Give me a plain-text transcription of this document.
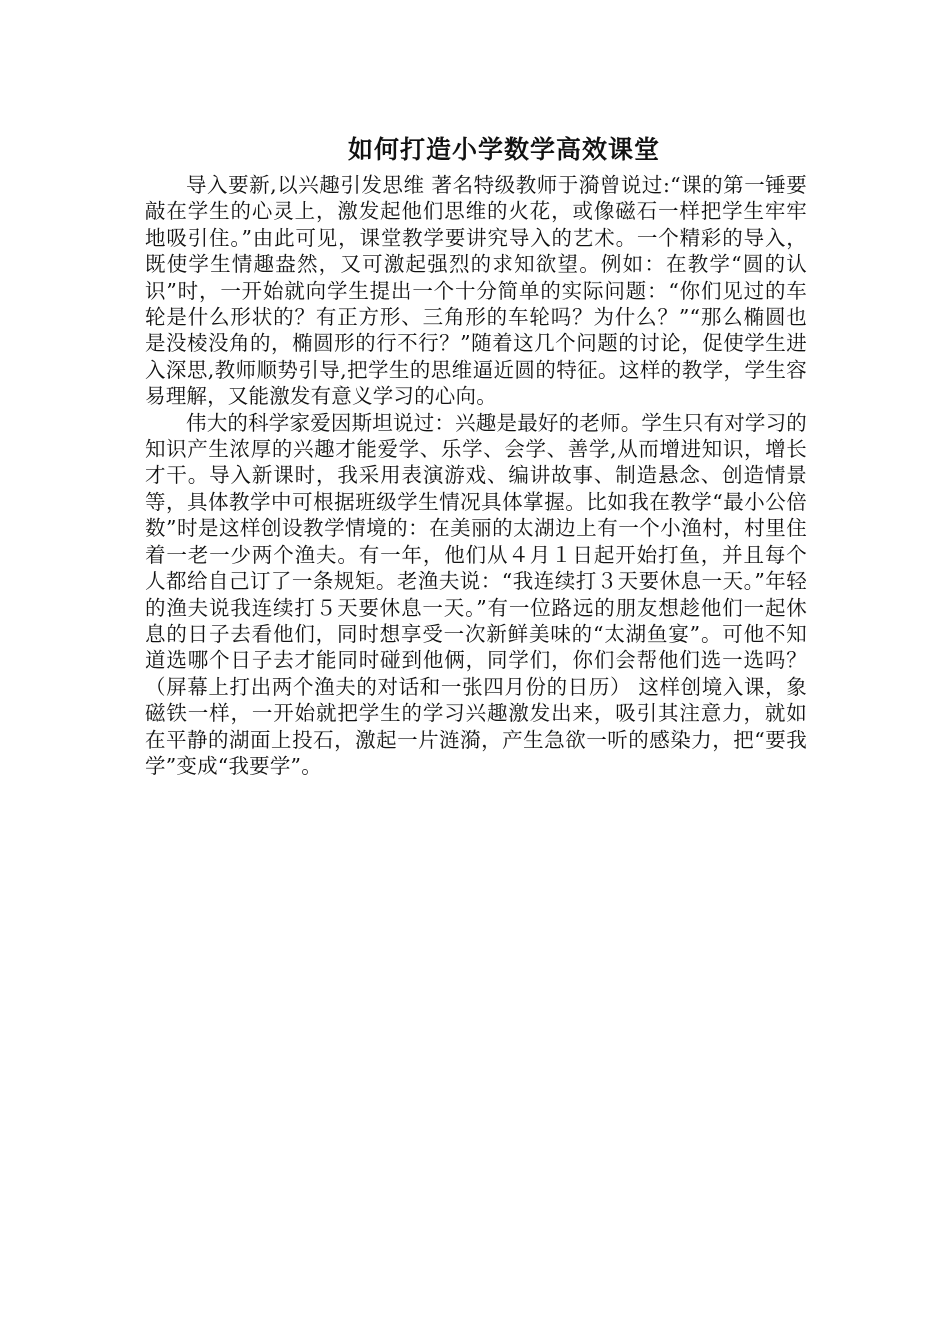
如何打造小学数学高效课堂

导入要新,以兴趣引发思维 著名特级教师于漪曾说过:“课的第一锤要敲在学生的心灵上，激发起他们思维的火花，或像磁石一样把学生牢牢地吸引住。”由此可见，课堂教学要讲究导入的艺术。一个精彩的导入，既使学生情趣盎然，又可激起强烈的求知欲望。例如：在教学“圆的认识”时，一开始就向学生提出一个十分简单的实际问题：“你们见过的车轮是什么形状的？有正方形、三角形的车轮吗？为什么？”“那么椭圆也是没棱没角的，椭圆形的行不行？”随着这几个问题的讨论，促使学生进入深思,教师顺势引导,把学生的思维逼近圆的特征。这样的教学，学生容易理解，又能激发有意义学习的心向。

伟大的科学家爱因斯坦说过：兴趣是最好的老师。学生只有对学习的知识产生浓厚的兴趣才能爱学、乐学、会学、善学,从而增进知识，增长才干。导入新课时，我采用表演游戏、编讲故事、制造悬念、创造情景等，具体教学中可根据班级学生情况具体掌握。比如我在教学“最小公倍数”时是这样创设教学情境的：在美丽的太湖边上有一个小渔村，村里住着一老一少两个渔夫。有一年，他们从４月１日起开始打鱼，并且每个人都给自己订了一条规矩。老渔夫说：“我连续打３天要休息一天。”年轻的渔夫说我连续打５天要休息一天。”有一位路远的朋友想趁他们一起休息的日子去看他们，同时想享受一次新鲜美味的“太湖鱼宴”。可他不知道选哪个日子去才能同时碰到他俩，同学们，你们会帮他们选一选吗？（屏幕上打出两个渔夫的对话和一张四月份的日历） 这样创境入课，象磁铁一样，一开始就把学生的学习兴趣激发出来，吸引其注意力，就如在平静的湖面上投石，激起一片涟漪，产生急欲一听的感染力，把“要我学”变成“我要学”。
